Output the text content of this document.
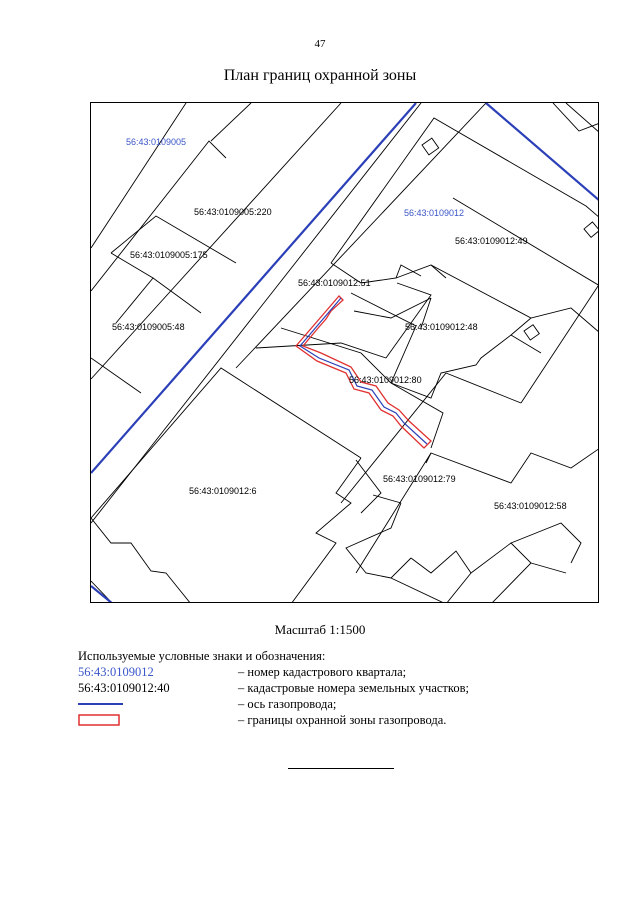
47
План границ охранной зоны
56:43:0109005
56:43:0109012
56:43:0109005:220
56:43:0109005:175
56:43:0109005:48
56:43:0109012:49
56:43:0109012:51
56:43:0109012:48
56:43:0109012:80
56:43:0109012:6
56:43:0109012:79
56:43:0109012:58
Масштаб 1:1500
Используемые условные знаки и обозначения:
56:43:0109012	– номер кадастрового квартала;
56:43:0109012:40	– кадастровые номера земельных участков;
– ось газопровода;
– границы охранной зоны газопровода.
